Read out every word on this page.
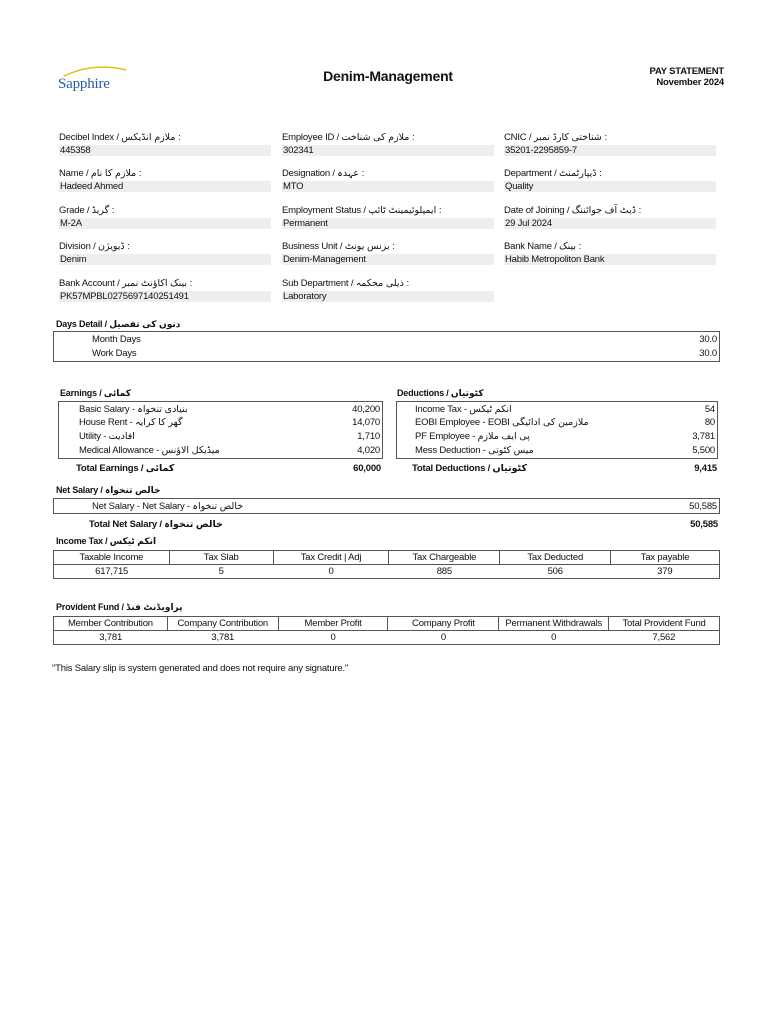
Sapphire	Denim-Management	PAY STATEMENT
November 2024
Decibel Index / ملازم انڈیکس :
445358
Employee ID / ملازم کی شناخت :
302341
CNIC / شناختی کارڈ نمبر :
35201-2295859-7
Name / ملازم کا نام :
Hadeed Ahmed
Designation / عہدہ :
MTO
Department / ڈیپارٹمنٹ :
Quality
Grade / گریڈ :
M-2A
Employment Status / ایمپلوئیمینٹ ٹائپ :
Permanent
Date of Joining / ڈیٹ آف جوائننگ :
29 Jul 2024
Division / ڈیویژن :
Denim
Business Unit / بزنس یونٹ :
Denim-Management
Bank Name / بینک :
Habib Metropoliton Bank
Bank Account / بینک اکاؤنٹ نمبر :
PK57MPBL0275697140251491
Sub Department / ذیلی محکمہ :
Laboratory
Days Detail / دنوں کی تفصیل
Month Days	30.0
Work Days	30.0
Earnings / کمائی
Basic Salary - بنیادی تنخواہ	40,200
House Rent - گھر کا کرایہ	14,070
Utility - افادیت	1,710
Medical Allowance - میڈیکل الاؤنس	4,020
Total Earnings / کمائی	60,000
Deductions / کٹوتیاں
Income Tax - انکم ٹیکس	54
EOBI Employee - EOBI ملازمین کی ادائیگی	80
PF Employee - پی ایف ملازم	3,781
Mess Deduction - میس کٹوتی	5,500
Total Deductions / کٹوتیاں	9,415
Net Salary / خالص تنخواہ
Net Salary - Net Salary - خالص تنخواہ	50,585
Total Net Salary / خالص تنخواہ	50,585
Income Tax / انکم ٹیکس
Taxable Income	Tax Slab	Tax Credit | Adj	Tax Chargeable	Tax Deducted	Tax payable
617,715	5	0	885	506	379
Provident Fund / پراویڈنٹ فنڈ
Member Contribution	Company Contribution	Member Profit	Company Profit	Permanent Withdrawals	Total Provident Fund
3,781	3,781	0	0	0	7,562
"This Salary slip is system generated and does not require any signature."
